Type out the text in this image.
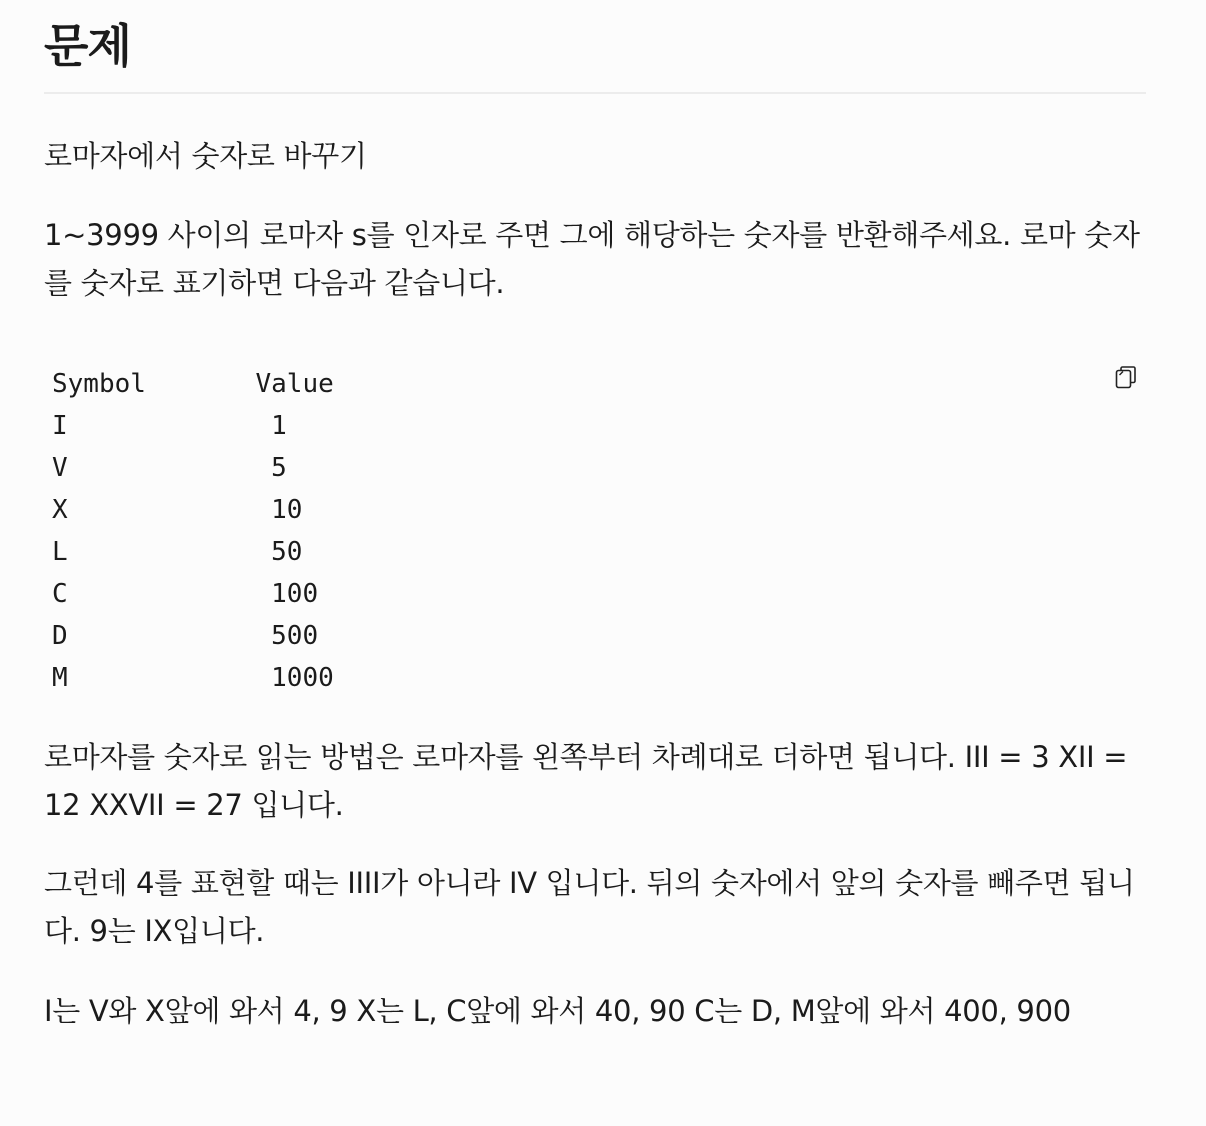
문제

로마자에서 숫자로 바꾸기

1~3999 사이의 로마자 s를 인자로 주면 그에 해당하는 숫자를 반환해주세요. 로마 숫자를 숫자로 표기하면 다음과 같습니다.

Symbol       Value
I             1
V             5
X             10
L             50
C             100
D             500
M             1000

로마자를 숫자로 읽는 방법은 로마자를 왼쪽부터 차례대로 더하면 됩니다. III = 3 XII = 12 XXVII = 27 입니다.

그런데 4를 표현할 때는 IIII가 아니라 IV 입니다. 뒤의 숫자에서 앞의 숫자를 빼주면 됩니다. 9는 IX입니다.

I는 V와 X앞에 와서 4, 9 X는 L, C앞에 와서 40, 90 C는 D, M앞에 와서 400, 900
